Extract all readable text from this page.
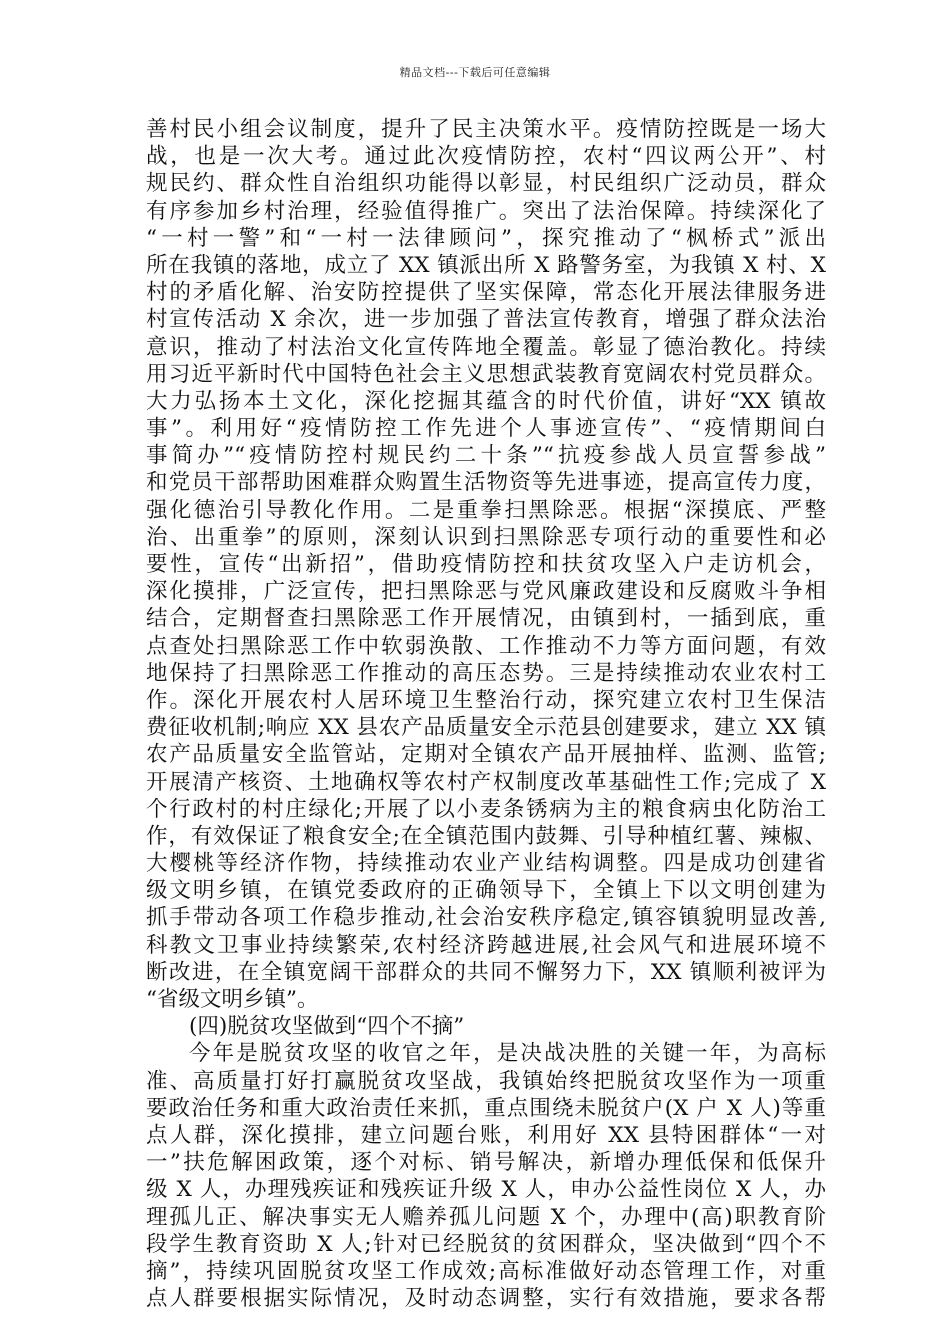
精品文档---下载后可任意编辑
善村民小组会议制度，提升了民主决策水平。疫情防控既是一场大
战，也是一次大考。通过此次疫情防控，农村“四议两公开”、村
规民约、群众性自治组织功能得以彰显，村民组织广泛动员，群众
有序参加乡村治理，经验值得推广。突出了法治保障。持续深化了
“一村一警”和“一村一法律顾问”，探究推动了“枫桥式”派出
所在我镇的落地，成立了 XX 镇派出所 X 路警务室，为我镇 X 村、X
村的矛盾化解、治安防控提供了坚实保障，常态化开展法律服务进
村宣传活动 X 余次，进一步加强了普法宣传教育，增强了群众法治
意识，推动了村法治文化宣传阵地全覆盖。彰显了德治教化。持续
用习近平新时代中国特色社会主义思想武装教育宽阔农村党员群众。
大力弘扬本土文化，深化挖掘其蕴含的时代价值，讲好“XX 镇故
事”。利用好“疫情防控工作先进个人事迹宣传”、“疫情期间白
事简办”“疫情防控村规民约二十条”“抗疫参战人员宣誓参战”
和党员干部帮助困难群众购置生活物资等先进事迹，提高宣传力度，
强化德治引导教化作用。二是重拳扫黑除恶。根据“深摸底、严整
治、出重拳”的原则，深刻认识到扫黑除恶专项行动的重要性和必
要性，宣传“出新招”，借助疫情防控和扶贫攻坚入户走访机会，
深化摸排，广泛宣传，把扫黑除恶与党风廉政建设和反腐败斗争相
结合，定期督查扫黑除恶工作开展情况，由镇到村，一插到底，重
点查处扫黑除恶工作中软弱涣散、工作推动不力等方面问题，有效
地保持了扫黑除恶工作推动的高压态势。三是持续推动农业农村工
作。深化开展农村人居环境卫生整治行动，探究建立农村卫生保洁
费征收机制;响应 XX 县农产品质量安全示范县创建要求，建立 XX 镇
农产品质量安全监管站，定期对全镇农产品开展抽样、监测、监管;
开展清产核资、土地确权等农村产权制度改革基础性工作;完成了 X
个行政村的村庄绿化;开展了以小麦条锈病为主的粮食病虫化防治工
作，有效保证了粮食安全;在全镇范围内鼓舞、引导种植红薯、辣椒、
大樱桃等经济作物，持续推动农业产业结构调整。四是成功创建省
级文明乡镇，在镇党委政府的正确领导下，全镇上下以文明创建为
抓手带动各项工作稳步推动,社会治安秩序稳定,镇容镇貌明显改善,
科教文卫事业持续繁荣,农村经济跨越进展,社会风气和进展环境不
断改进，在全镇宽阔干部群众的共同不懈努力下，XX 镇顺利被评为
“省级文明乡镇”。
(四)脱贫攻坚做到“四个不摘”
今年是脱贫攻坚的收官之年，是决战决胜的关键一年，为高标
准、高质量打好打赢脱贫攻坚战，我镇始终把脱贫攻坚作为一项重
要政治任务和重大政治责任来抓，重点围绕未脱贫户(X 户 X 人)等重
点人群，深化摸排，建立问题台账，利用好 XX 县特困群体“一对
一”扶危解困政策，逐个对标、销号解决，新增办理低保和低保升
级 X 人，办理残疾证和残疾证升级 X 人，申办公益性岗位 X 人，办
理孤儿正、解决事实无人赡养孤儿问题 X 个，办理中(高)职教育阶
段学生教育资助 X 人;针对已经脱贫的贫困群众，坚决做到“四个不
摘”，持续巩固脱贫攻坚工作成效;高标准做好动态管理工作，对重
点人群要根据实际情况，及时动态调整，实行有效措施，要求各帮
